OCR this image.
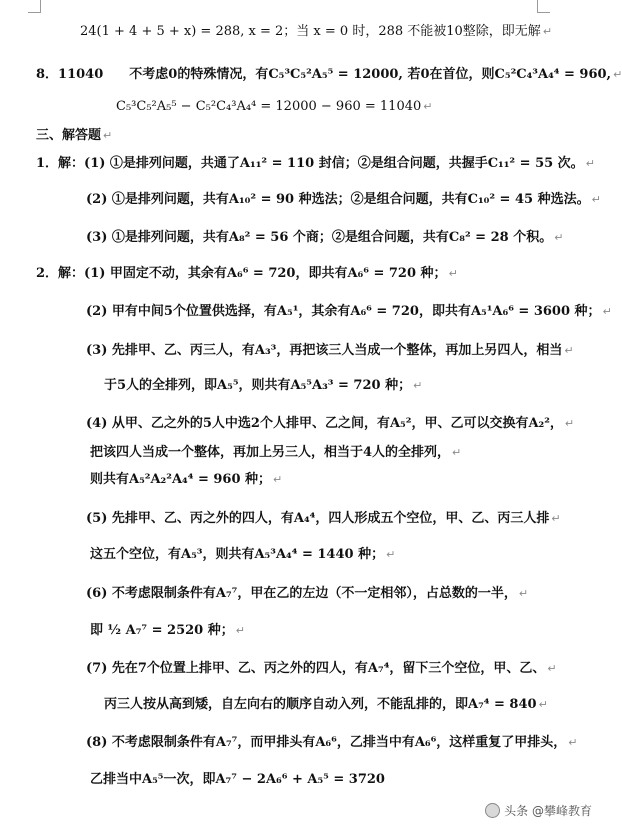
24(1 + 4 + 5 + x) = 288, x = 2；当 x = 0 时，288 不能被10整除，即无解 ↵
8．11040　　不考虑0的特殊情况，有C₅³C₅²A₅⁵ = 12000, 若0在首位，则C₅²C₄³A₄⁴ = 960, ↵
C₅³C₅²A₅⁵ − C₅²C₄³A₄⁴ = 12000 − 960 = 11040 ↵
三、解答题 ↵
1．解：(1) ①是排列问题，共通了A₁₁² = 110 封信；②是组合问题，共握手C₁₁² = 55 次。 ↵
(2) ①是排列问题，共有A₁₀² = 90 种选法；②是组合问题，共有C₁₀² = 45 种选法。 ↵
(3) ①是排列问题，共有A₈² = 56 个商；②是组合问题，共有C₈² = 28 个积。 ↵
2．解：(1) 甲固定不动，其余有A₆⁶ = 720，即共有A₆⁶ = 720 种； ↵
(2) 甲有中间5个位置供选择，有A₅¹，其余有A₆⁶ = 720，即共有A₅¹A₆⁶ = 3600 种； ↵
(3) 先排甲、乙、丙三人，有A₃³，再把该三人当成一个整体，再加上另四人，相当 ↵
于5人的全排列，即A₅⁵，则共有A₅⁵A₃³ = 720 种； ↵
(4) 从甲、乙之外的5人中选2个人排甲、乙之间，有A₅²，甲、乙可以交换有A₂²， ↵
把该四人当成一个整体，再加上另三人，相当于4人的全排列， ↵
则共有A₅²A₂²A₄⁴ = 960 种； ↵
(5) 先排甲、乙、丙之外的四人，有A₄⁴，四人形成五个空位，甲、乙、丙三人排 ↵
这五个空位，有A₅³，则共有A₅³A₄⁴ = 1440 种； ↵
(6) 不考虑限制条件有A₇⁷，甲在乙的左边（不一定相邻），占总数的一半， ↵
即 ½ A₇⁷ = 2520 种； ↵
(7) 先在7个位置上排甲、乙、丙之外的四人，有A₇⁴，留下三个空位，甲、乙、 ↵
丙三人按从高到矮，自左向右的顺序自动入列，不能乱排的，即A₇⁴ = 840 ↵
(8) 不考虑限制条件有A₇⁷，而甲排头有A₆⁶，乙排当中有A₆⁶，这样重复了甲排头， ↵
乙排当中A₅⁵一次，即A₇⁷ − 2A₆⁶ + A₅⁵ = 3720
头条 @攀峰教育
